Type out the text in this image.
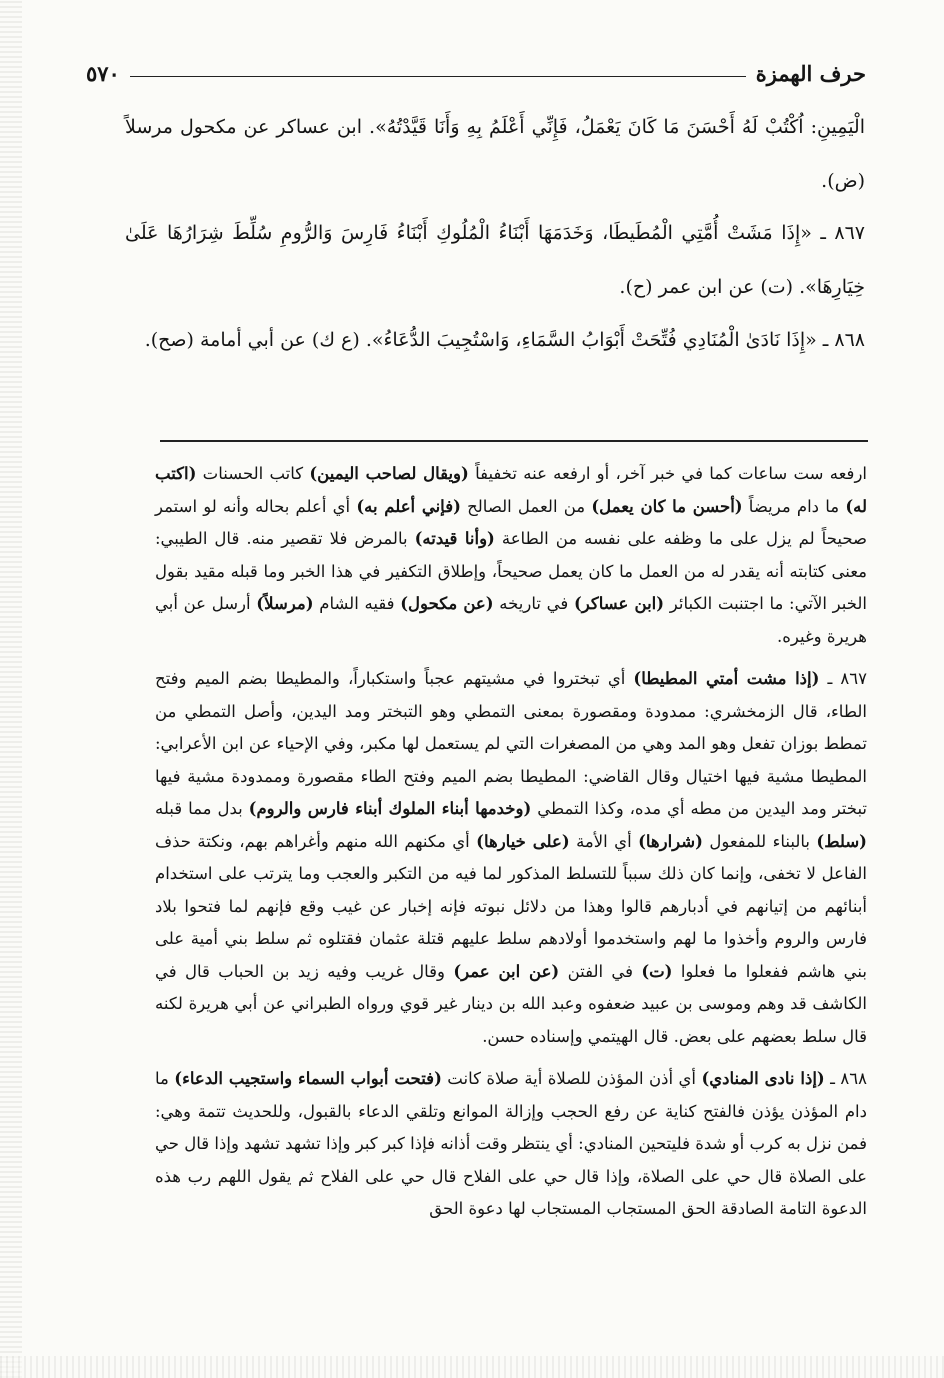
حرف الهمزة
٥٧٠
الْيَمِينِ: اُكْتُبْ لَهُ أَحْسَنَ مَا كَانَ يَعْمَلُ، فَإِنِّي أَعْلَمُ بِهِ وَأَنَا قَيَّدْتُهُ». ابن عساكر عن مكحول مرسلاً (ض).
٨٦٧ ـ «إِذَا مَشَتْ أُمَّتِي الْمُطَيطَا، وَخَدَمَهَا أَبْنَاءُ الْمُلُوكِ أَبْنَاءُ فَارِسَ وَالرُّومِ سُلِّطَ شِرَارُهَا عَلَىٰ خِيَارِهَا». (ت) عن ابن عمر (ح).
٨٦٨ ـ «إِذَا نَادَىٰ الْمُنَادِي فُتِّحَتْ أَبْوَابُ السَّمَاءِ، وَاسْتُجِيبَ الدُّعَاءُ». (ع ك) عن أبي أمامة (صح).

ارفعه ست ساعات كما في خبر آخر، أو ارفعه عنه تخفيفاً (ويقال لصاحب اليمين) كاتب الحسنات (اكتب له) ما دام مريضاً (أحسن ما كان يعمل) من العمل الصالح (فإني أعلم به) أي أعلم بحاله وأنه لو استمر صحيحاً لم يزل على ما وظفه على نفسه من الطاعة (وأنا قيدته) بالمرض فلا تقصير منه. قال الطيبي: معنى كتابته أنه يقدر له من العمل ما كان يعمل صحيحاً، وإطلاق التكفير في هذا الخبر وما قبله مقيد بقول الخبر الآتي: ما اجتنبت الكبائر (ابن عساكر) في تاريخه (عن مكحول) فقيه الشام (مرسلاً) أرسل عن أبي هريرة وغيره.

٨٦٧ ـ (إذا مشت أمتي المطيطا) أي تبختروا في مشيتهم عجباً واستكباراً، والمطيطا بضم الميم وفتح الطاء، قال الزمخشري: ممدودة ومقصورة بمعنى التمطي وهو التبختر ومد اليدين، وأصل التمطي من تمطط بوزان تفعل وهو المد وهي من المصغرات التي لم يستعمل لها مكبر، وفي الإحياء عن ابن الأعرابي: المطيطا مشية فيها اختيال وقال القاضي: المطيطا بضم الميم وفتح الطاء مقصورة وممدودة مشية فيها تبختر ومد اليدين من مطه أي مده، وكذا التمطي (وخدمها أبناء الملوك أبناء فارس والروم) بدل مما قبله (سلط) بالبناء للمفعول (شرارها) أي الأمة (على خيارها) أي مكنهم الله منهم وأغراهم بهم، ونكتة حذف الفاعل لا تخفى، وإنما كان ذلك سبباً للتسلط المذكور لما فيه من التكبر والعجب وما يترتب على استخدام أبنائهم من إتيانهم في أدبارهم قالوا وهذا من دلائل نبوته فإنه إخبار عن غيب وقع فإنهم لما فتحوا بلاد فارس والروم وأخذوا ما لهم واستخدموا أولادهم سلط عليهم قتلة عثمان فقتلوه ثم سلط بني أمية على بني هاشم ففعلوا ما فعلوا (ت) في الفتن (عن ابن عمر) وقال غريب وفيه زيد بن الحباب قال في الكاشف قد وهم وموسى بن عبيد ضعفوه وعبد الله بن دينار غير قوي ورواه الطبراني عن أبي هريرة لكنه قال سلط بعضهم على بعض. قال الهيتمي وإسناده حسن.

٨٦٨ ـ (إذا نادى المنادي) أي أذن المؤذن للصلاة أية صلاة كانت (فتحت أبواب السماء واستجيب الدعاء) ما دام المؤذن يؤذن فالفتح كناية عن رفع الحجب وإزالة الموانع وتلقي الدعاء بالقبول، وللحديث تتمة وهي: فمن نزل به كرب أو شدة فليتحين المنادي: أي ينتظر وقت أذانه فإذا كبر كبر وإذا تشهد تشهد وإذا قال حي على الصلاة قال حي على الصلاة، وإذا قال حي على الفلاح قال حي على الفلاح ثم يقول اللهم رب هذه الدعوة التامة الصادقة الحق المستجاب المستجاب لها دعوة الحق
